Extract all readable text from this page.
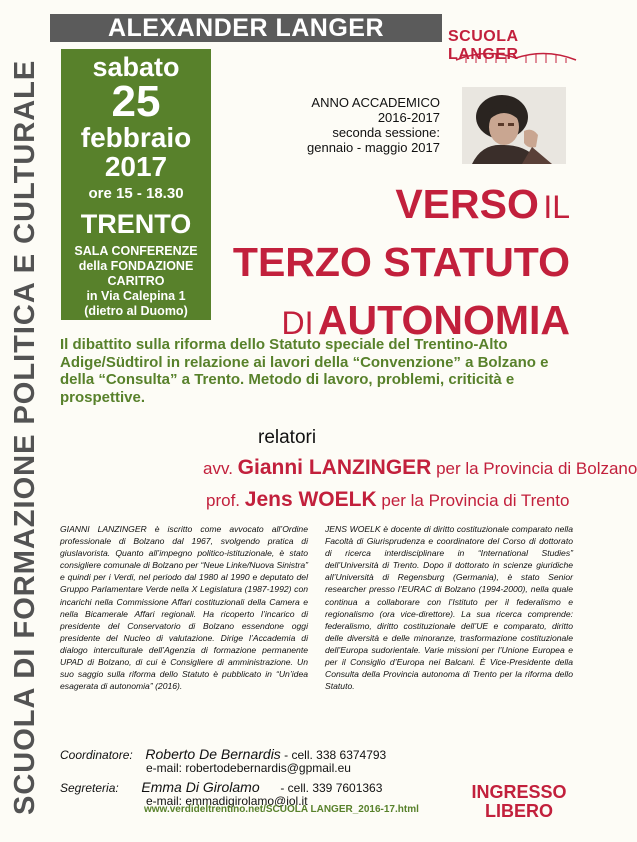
SCUOLA DI FORMAZIONE POLITICA E CULTURALE
ALEXANDER LANGER	SCUOLA LANGER
sabato
25
febbraio
2017
ore 15 - 18.30
TRENTO
SALA CONFERENZE
della FONDAZIONE
CARITRO
in Via Calepina 1
(dietro al Duomo)
ANNO ACCADEMICO
2016-2017
seconda sessione:
gennaio - maggio 2017
VERSO IL
TERZO STATUTO
DI AUTONOMIA
Il dibattito sulla riforma dello Statuto speciale del Trentino-Alto Adige/Südtirol in relazione ai lavori della “Convenzione” a Bolzano e della “Consulta” a Trento. Metodo di lavoro, problemi, criticità e prospettive.
relatori
avv. Gianni LANZINGER per la Provincia di Bolzano
prof. Jens WOELK per la Provincia di Trento
GIANNI LANZINGER è iscritto come avvocato all’Ordine professionale di Bolzano dal 1967, svolgendo pratica di giuslavorista. Quanto all’impegno politico-istituzionale, è stato consigliere comunale di Bolzano per “Neue Linke/Nuova Sinistra” e quindi per i Verdi, nel periodo dal 1980 al 1990 e deputato del Gruppo Parlamentare Verde nella X Legislatura (1987-1992) con incarichi nella Commissione Affari costituzionali della Camera e nella Bicamerale Affari regionali. Ha ricoperto l’incarico di presidente del Conservatorio di Bolzano essendone oggi presidente del Nucleo di valutazione. Dirige l’Accademia di dialogo interculturale dell’Agenzia di formazione permanente UPAD di Bolzano, di cui è Consigliere di amministrazione. Un suo saggio sulla riforma dello Statuto è pubblicato in “Un’idea esagerata di autonomia” (2016).
JENS WOELK è docente di diritto costituzionale comparato nella Facoltà di Giurisprudenza e coordinatore del Corso di dottorato di ricerca interdisciplinare in “International Studies” dell’Università di Trento. Dopo il dottorato in scienze giuridiche all’Università di Regensburg (Germania), è stato Senior researcher presso l’EURAC di Bolzano (1994-2000), nella quale continua a collaborare con l’Istituto per il federalismo e regionalismo (ora vice-direttore). La sua ricerca comprende: federalismo, diritto costituzionale dell’UE e comparato, diritto delle diversità e delle minoranze, trasformazione costituzionale dell’Europa sudorientale. Varie missioni per l’Unione Europea e per il Consiglio d’Europa nei Balcani. È Vice-Presidente della Consulta della Provincia autonoma di Trento per la riforma dello Statuto.
Coordinatore: Roberto De Bernardis - cell. 338 6374793
e-mail: robertodebernardis@gpmail.eu
Segreteria: Emma Di Girolamo - cell. 339 7601363
e-mail: emmadigirolamo@iol.it
www.verdideltrentino.net/SCUOLA LANGER_2016-17.html
INGRESSO
LIBERO
